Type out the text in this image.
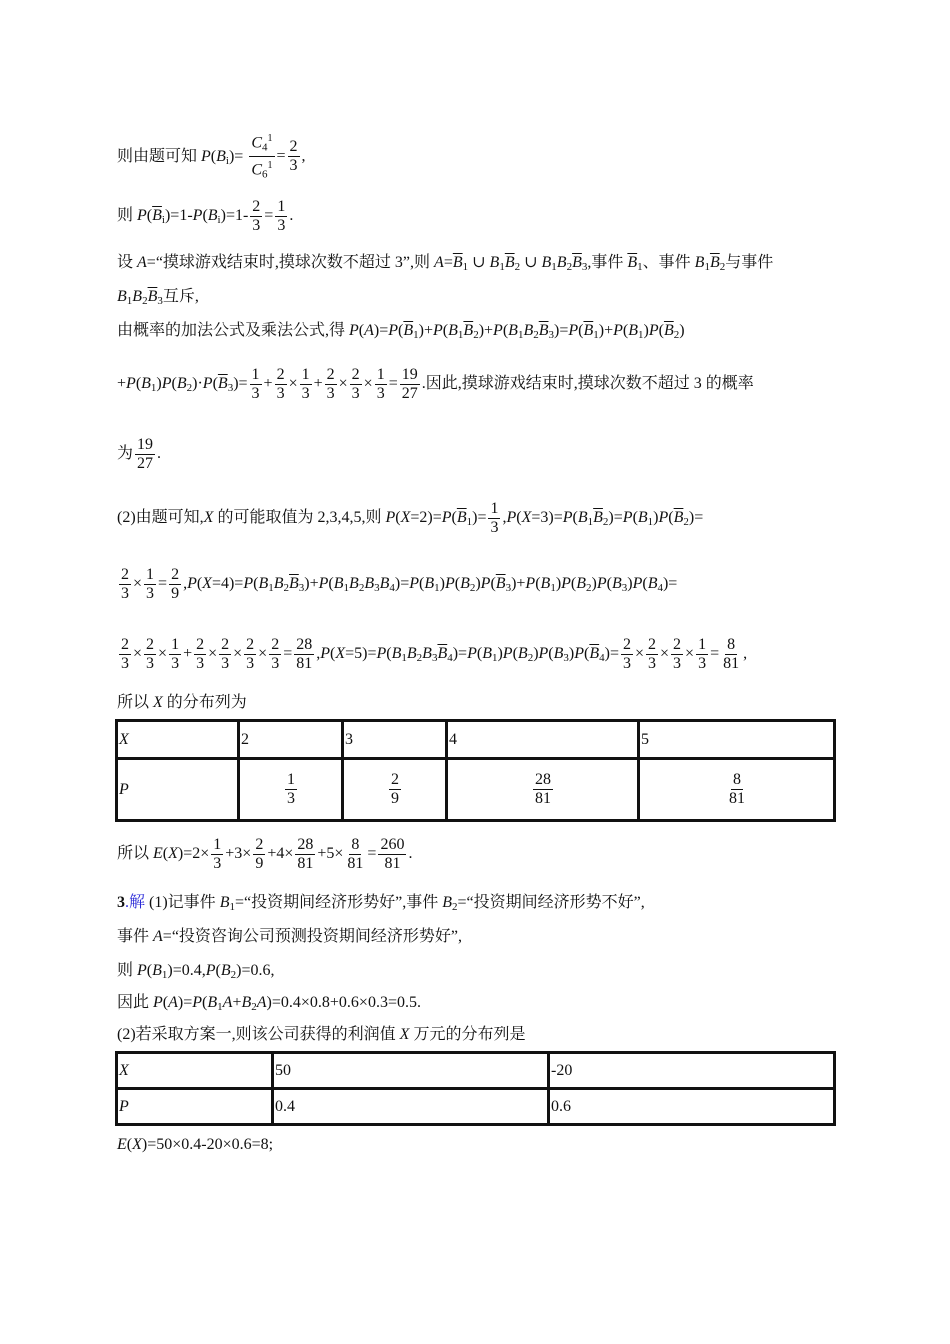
则由题可知 $P(B_i)= \frac{C_4^1}{C_6^1} = \frac{2}{3}$ ,
则 $P(\overline{B}_i)=1-P(B_i)=1- \frac{2}{3} = \frac{1}{3}$ .
设 A=“摸球游戏结束时,摸球次数不超过 3”,则 $A=\overline{B}_1$ ∪ $B_1\overline{B}_2$ ∪ $B_1B_2\overline{B}_3$,事件 $\overline{B}_1$、事件 $B_1\overline{B}_2$与事件
$B_1B_2\overline{B}_3$互斥,
由概率的加法公式及乘法公式,得 $P(A)=P(\overline{B}_1)+P(B_1\overline{B}_2)+P(B_1B_2\overline{B}_3)=P(\overline{B}_1)+P(B_1)P(\overline{B}_2)$
$+P(B_1)P(B_2)\cdot P(\overline{B}_3)= \frac{1}{3} + \frac{2}{3} \times \frac{1}{3} + \frac{2}{3} \times \frac{2}{3} \times \frac{1}{3} = \frac{19}{27}$ .因此,摸球游戏结束时,摸球次数不超过 3 的概率
为 $\frac{19}{27}$ .
(2)由题可知,X 的可能取值为 2,3,4,5,则 $P(X=2)=P(\overline{B}_1)= \frac{1}{3} ,P(X=3)=P(B_1\overline{B}_2)=P(B_1)P(\overline{B}_2)=$
$\frac{2}{3} \times \frac{1}{3} = \frac{2}{9} ,P(X=4)=P(B_1B_2\overline{B}_3)+P(B_1B_2B_3B_4)=P(B_1)P(B_2)P(\overline{B}_3)+P(B_1)P(B_2)P(B_3)P(B_4)=$
$\frac{2}{3} \times \frac{2}{3} \times \frac{1}{3} + \frac{2}{3} \times \frac{2}{3} \times \frac{2}{3} \times \frac{2}{3} = \frac{28}{81} ,P(X=5)=P(B_1B_2B_3\overline{B}_4)=P(B_1)P(B_2)P(B_3)P(\overline{B}_4)= \frac{2}{3} \times \frac{2}{3} \times \frac{2}{3} \times \frac{1}{3} = \frac{8}{81}$ ,
所以 X 的分布列为
X	2	3	4	5
P	$\frac{1}{3}$	$\frac{2}{9}$	$\frac{28}{81}$	$\frac{8}{81}$
所以 $E(X)=2\times \frac{1}{3} +3\times \frac{2}{9} +4\times \frac{28}{81} +5\times \frac{8}{81} = \frac{260}{81}$ .
3.解 (1)记事件 $B_1=“$投资期间经济形势好”,事件 $B_2=“$投资期间经济形势不好”,
事件 A=“投资咨询公司预测投资期间经济形势好”,
则 $P(B_1)=0.4,P(B_2)=0.6$,
因此 $P(A)=P(B_1A+B_2A)=0.4\times 0.8+0.6\times 0.3=0.5$.
(2)若采取方案一,则该公司获得的利润值 X 万元的分布列是
X	50	-20
P	0.4	0.6
E(X)=50×0.4-20×0.6=8;
